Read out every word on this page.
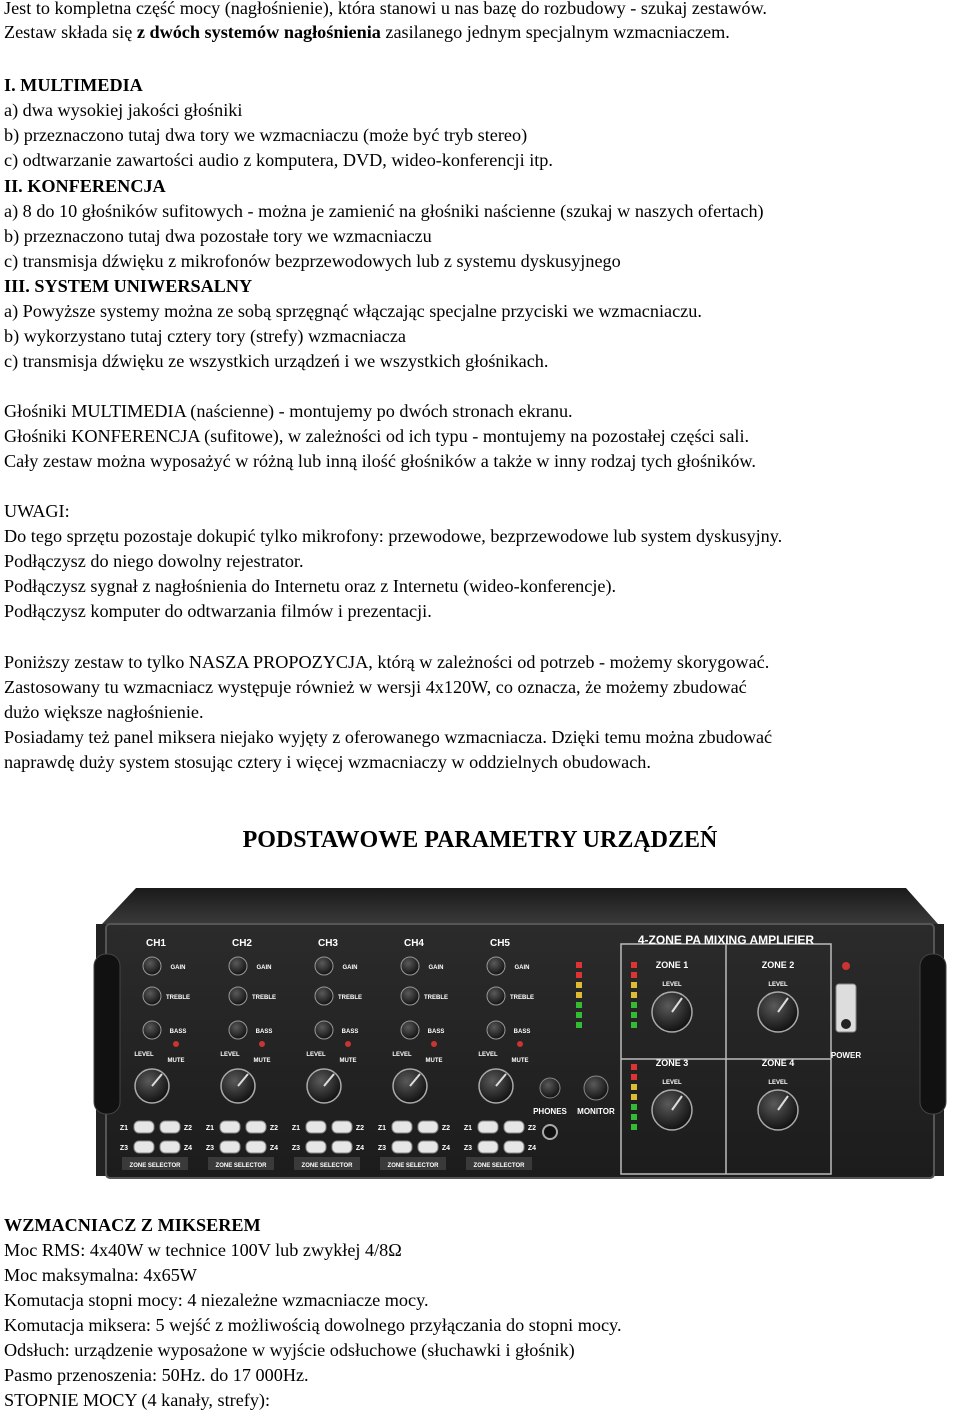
Jest to kompletna część mocy (nagłośnienie), która stanowi u nas bazę do rozbudowy - szukaj zestawów.

Zestaw składa się z dwóch systemów nagłośnienia zasilanego jednym specjalnym wzmacniaczem.

I. MULTIMEDIA

a) dwa wysokiej jakości głośniki

b) przeznaczono tutaj dwa tory we wzmacniaczu (może być tryb stereo)

c) odtwarzanie zawartości audio z komputera, DVD, wideo-konferencji itp.

II. KONFERENCJA

a) 8 do 10 głośników sufitowych - można je zamienić na głośniki naścienne (szukaj w naszych ofertach)

b) przeznaczono tutaj dwa pozostałe tory we wzmacniaczu

c) transmisja dźwięku z mikrofonów bezprzewodowych lub z systemu dyskusyjnego

III. SYSTEM UNIWERSALNY

a) Powyższe systemy można ze sobą sprzęgnąć włączając specjalne przyciski we wzmacniaczu.

b) wykorzystano tutaj cztery tory (strefy) wzmacniacza

c) transmisja dźwięku ze wszystkich urządzeń i we wszystkich głośnikach.

Głośniki MULTIMEDIA (naścienne) - montujemy po dwóch stronach ekranu.

Głośniki KONFERENCJA (sufitowe), w zależności od ich typu - montujemy na pozostałej części sali.

Cały zestaw można wyposażyć w różną lub inną ilość głośników a także w inny rodzaj tych głośników.

UWAGI:

Do tego sprzętu pozostaje dokupić tylko mikrofony: przewodowe, bezprzewodowe lub system dyskusyjny.

Podłączysz do niego dowolny rejestrator.

Podłączysz sygnał z nagłośnienia do Internetu oraz z Internetu (wideo-konferencje).

Podłączysz komputer do odtwarzania filmów i prezentacji.

Poniższy zestaw to tylko NASZA PROPOZYCJA, którą w zależności od potrzeb - możemy skorygować.

Zastosowany tu wzmacniacz występuje również w wersji 4x120W, co oznacza, że możemy zbudować

dużo większe nagłośnienie.

Posiadamy też panel miksera niejako wyjęty z oferowanego wzmacniacza. Dzięki temu można zbudować

naprawdę duży system stosując cztery i więcej wzmacniaczy w oddzielnych obudowach.

PODSTAWOWE PARAMETRY URZĄDZEŃ
CH1
GAIN
TREBLE
BASS
LEVEL
MUTE
Z1	Z2
Z3	Z4
ZONE SELECTOR
CH2
GAIN
TREBLE
BASS
LEVEL
MUTE
Z1	Z2
Z3	Z4
ZONE SELECTOR
CH3
GAIN
TREBLE
BASS
LEVEL
MUTE
Z1	Z2
Z3	Z4
ZONE SELECTOR
CH4
GAIN
TREBLE
BASS
LEVEL
MUTE
Z1	Z2
Z3	Z4
ZONE SELECTOR
CH5
GAIN
TREBLE
BASS
LEVEL
MUTE
Z1	Z2
Z3	Z4
ZONE SELECTOR
ZONE 1
LEVEL
ZONE 2
LEVEL
ZONE 3
LEVEL
ZONE 4
LEVEL
4-ZONE PA MIXING AMPLIFIER
PHONES MONITOR
POWER

WZMACNIACZ Z MIKSEREM

Moc RMS: 4x40W w technice 100V lub zwykłej 4/8Ω

Moc maksymalna: 4x65W

Komutacja stopni mocy: 4 niezależne wzmacniacze mocy.

Komutacja miksera: 5 wejść z możliwością dowolnego przyłączania do stopni mocy.

Odsłuch: urządzenie wyposażone w wyjście odsłuchowe (słuchawki i głośnik)

Pasmo przenoszenia: 50Hz. do 17 000Hz.

STOPNIE MOCY (4 kanały, strefy):
